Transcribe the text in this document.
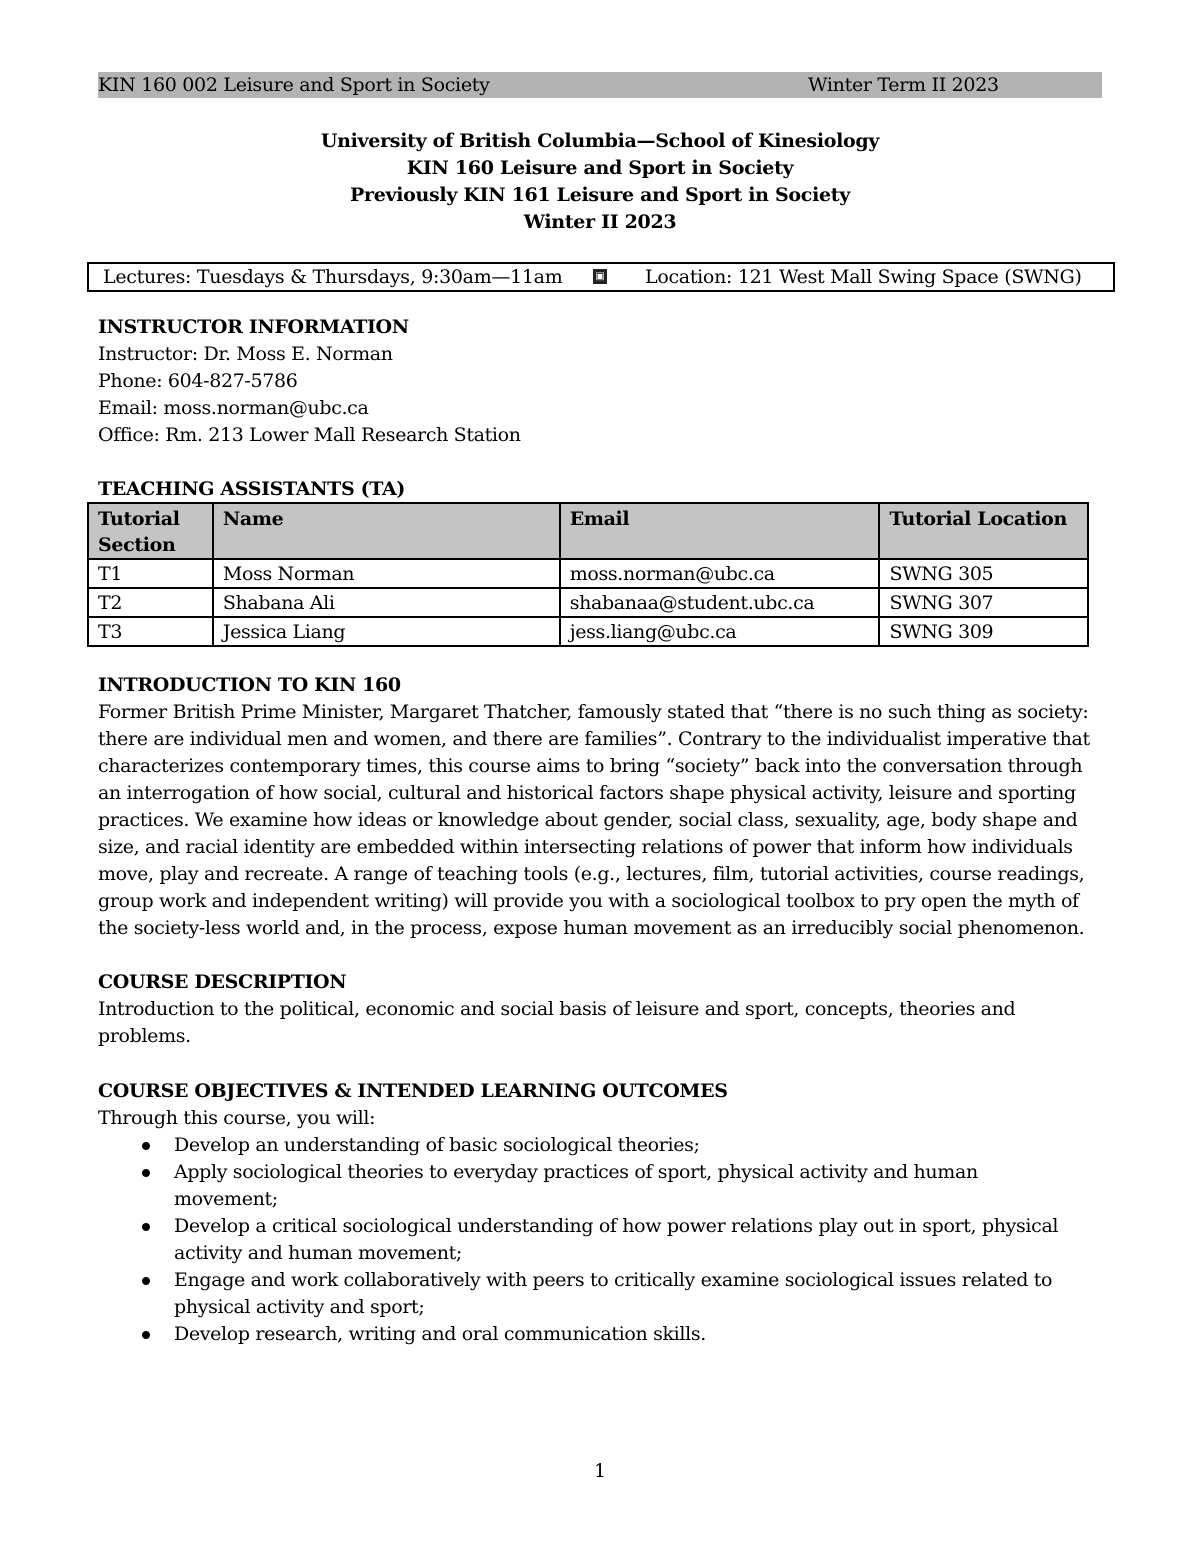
KIN 160 002 Leisure and Sport in Society	Winter Term II 2023
University of British Columbia—School of Kinesiology
KIN 160 Leisure and Sport in Society
Previously KIN 161 Leisure and Sport in Society
Winter II 2023
Lectures: Tuesdays & Thursdays, 9:30am—11am	▣ Location: 121 West Mall Swing Space (SWNG)
INSTRUCTOR INFORMATION
Instructor: Dr. Moss E. Norman
Phone: 604-827-5786
Email: moss.norman@ubc.ca
Office: Rm. 213 Lower Mall Research Station
TEACHING ASSISTANTS (TA)
Tutorial Section	Name	Email	Tutorial Location
T1	Moss Norman	moss.norman@ubc.ca	SWNG 305
T2	Shabana Ali	shabanaa@student.ubc.ca	SWNG 307
T3	Jessica Liang	jess.liang@ubc.ca	SWNG 309
INTRODUCTION TO KIN 160
Former British Prime Minister, Margaret Thatcher, famously stated that “there is no such thing as society:
there are individual men and women, and there are families”. Contrary to the individualist imperative that
characterizes contemporary times, this course aims to bring “society” back into the conversation through
an interrogation of how social, cultural and historical factors shape physical activity, leisure and sporting
practices. We examine how ideas or knowledge about gender, social class, sexuality, age, body shape and
size, and racial identity are embedded within intersecting relations of power that inform how individuals
move, play and recreate. A range of teaching tools (e.g., lectures, film, tutorial activities, course readings,
group work and independent writing) will provide you with a sociological toolbox to pry open the myth of
the society-less world and, in the process, expose human movement as an irreducibly social phenomenon.
COURSE DESCRIPTION
Introduction to the political, economic and social basis of leisure and sport, concepts, theories and
problems.
COURSE OBJECTIVES & INTENDED LEARNING OUTCOMES
Through this course, you will:
Develop an understanding of basic sociological theories;
Apply sociological theories to everyday practices of sport, physical activity and human
movement;
Develop a critical sociological understanding of how power relations play out in sport, physical
activity and human movement;
Engage and work collaboratively with peers to critically examine sociological issues related to
physical activity and sport;
Develop research, writing and oral communication skills.
1
